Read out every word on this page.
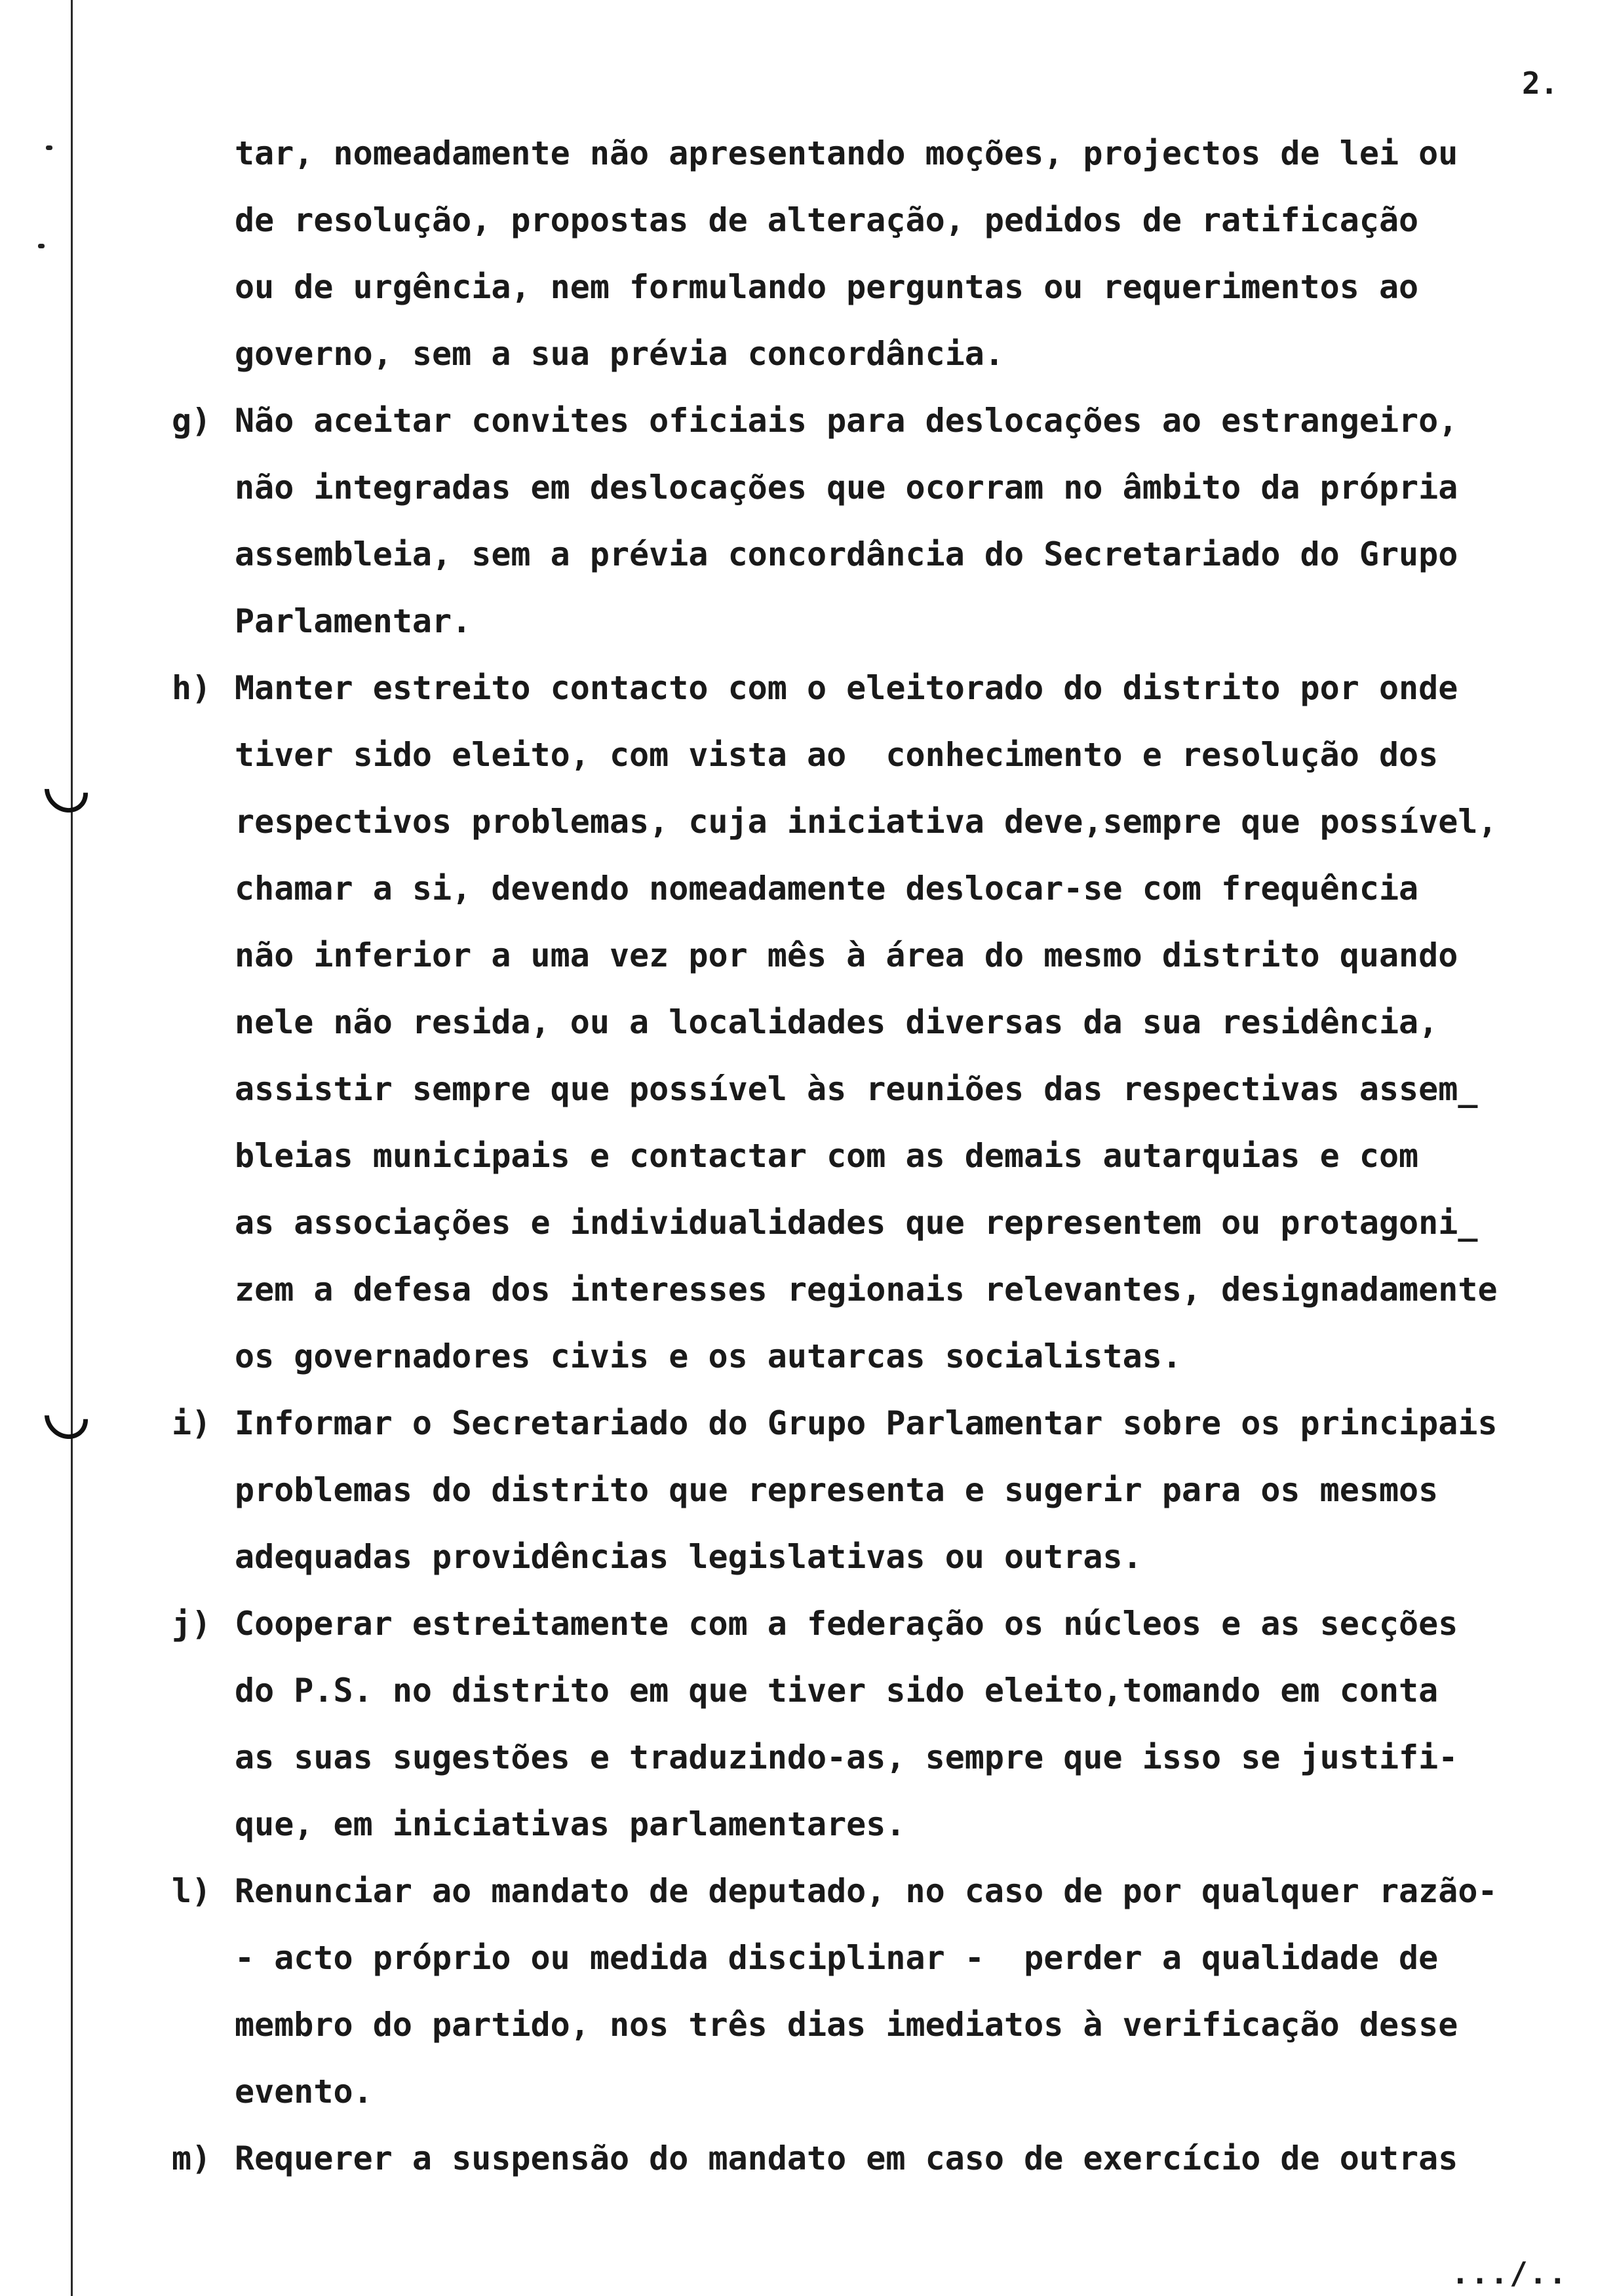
2.
tar, nomeadamente não apresentando moções, projectos de lei ou
de resolução, propostas de alteração, pedidos de ratificação
ou de urgência, nem formulando perguntas ou requerimentos ao
governo, sem a sua prévia concordância.
g) Não aceitar convites oficiais para deslocações ao estrangeiro,
não integradas em deslocações que ocorram no âmbito da própria
assembleia, sem a prévia concordância do Secretariado do Grupo
Parlamentar.
h) Manter estreito contacto com o eleitorado do distrito por onde
tiver sido eleito, com vista ao  conhecimento e resolução dos
respectivos problemas, cuja iniciativa deve,sempre que possível,
chamar a si, devendo nomeadamente deslocar-se com frequência
não inferior a uma vez por mês à área do mesmo distrito quando
nele não resida, ou a localidades diversas da sua residência,
assistir sempre que possível às reuniões das respectivas assem_
bleias municipais e contactar com as demais autarquias e com
as associações e individualidades que representem ou protagoni_
zem a defesa dos interesses regionais relevantes, designadamente
os governadores civis e os autarcas socialistas.
i) Informar o Secretariado do Grupo Parlamentar sobre os principais
problemas do distrito que representa e sugerir para os mesmos
adequadas providências legislativas ou outras.
j) Cooperar estreitamente com a federação os núcleos e as secções
do P.S. no distrito em que tiver sido eleito,tomando em conta
as suas sugestões e traduzindo-as, sempre que isso se justifi-
que, em iniciativas parlamentares.
l) Renunciar ao mandato de deputado, no caso de por qualquer razão-
- acto próprio ou medida disciplinar -  perder a qualidade de
membro do partido, nos três dias imediatos à verificação desse
evento.
m) Requerer a suspensão do mandato em caso de exercício de outras
.../..
